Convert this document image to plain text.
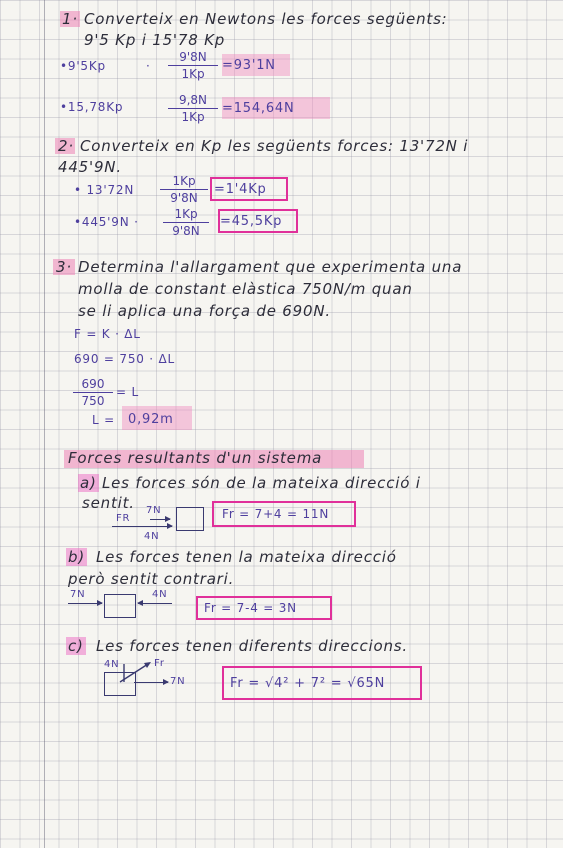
1· Converteix en Newtons les forces següents:
9'5 Kp i 15'78 Kp
•9'5Kp	· $\frac{9'8N}{1Kp} =93'1N$
•15,78Kp	$\frac{9,8N}{1Kp} =154,64N$
2· Converteix en Kp les següents forces: 13'72N i
445'9N.
• $13'72N \frac{1Kp}{9'8N} =1'4Kp$
•445'9N · $\frac{1Kp}{9'8N} =45,5Kp$
3· Determina l'allargament que experimenta una
molla de constant elàstica 750N/m quan
se li aplica una força de 690N.
F = K · ΔL
690 = 750 · ΔL
$\frac{690}{750} = L$
L = 0,92m
Forces resultants d'un sistema
a) Les forces són de la mateixa direcció i
sentit.
FR
7N
4N
Fr = 7+4 = 11N
b) Les forces tenen la mateixa direcció
però sentit contrari.
7N	4N
Fr = 7-4 = 3N
c) Les forces tenen diferents direccions.
4N	Fr
7N	Fr = √4² + 7² = √65N
